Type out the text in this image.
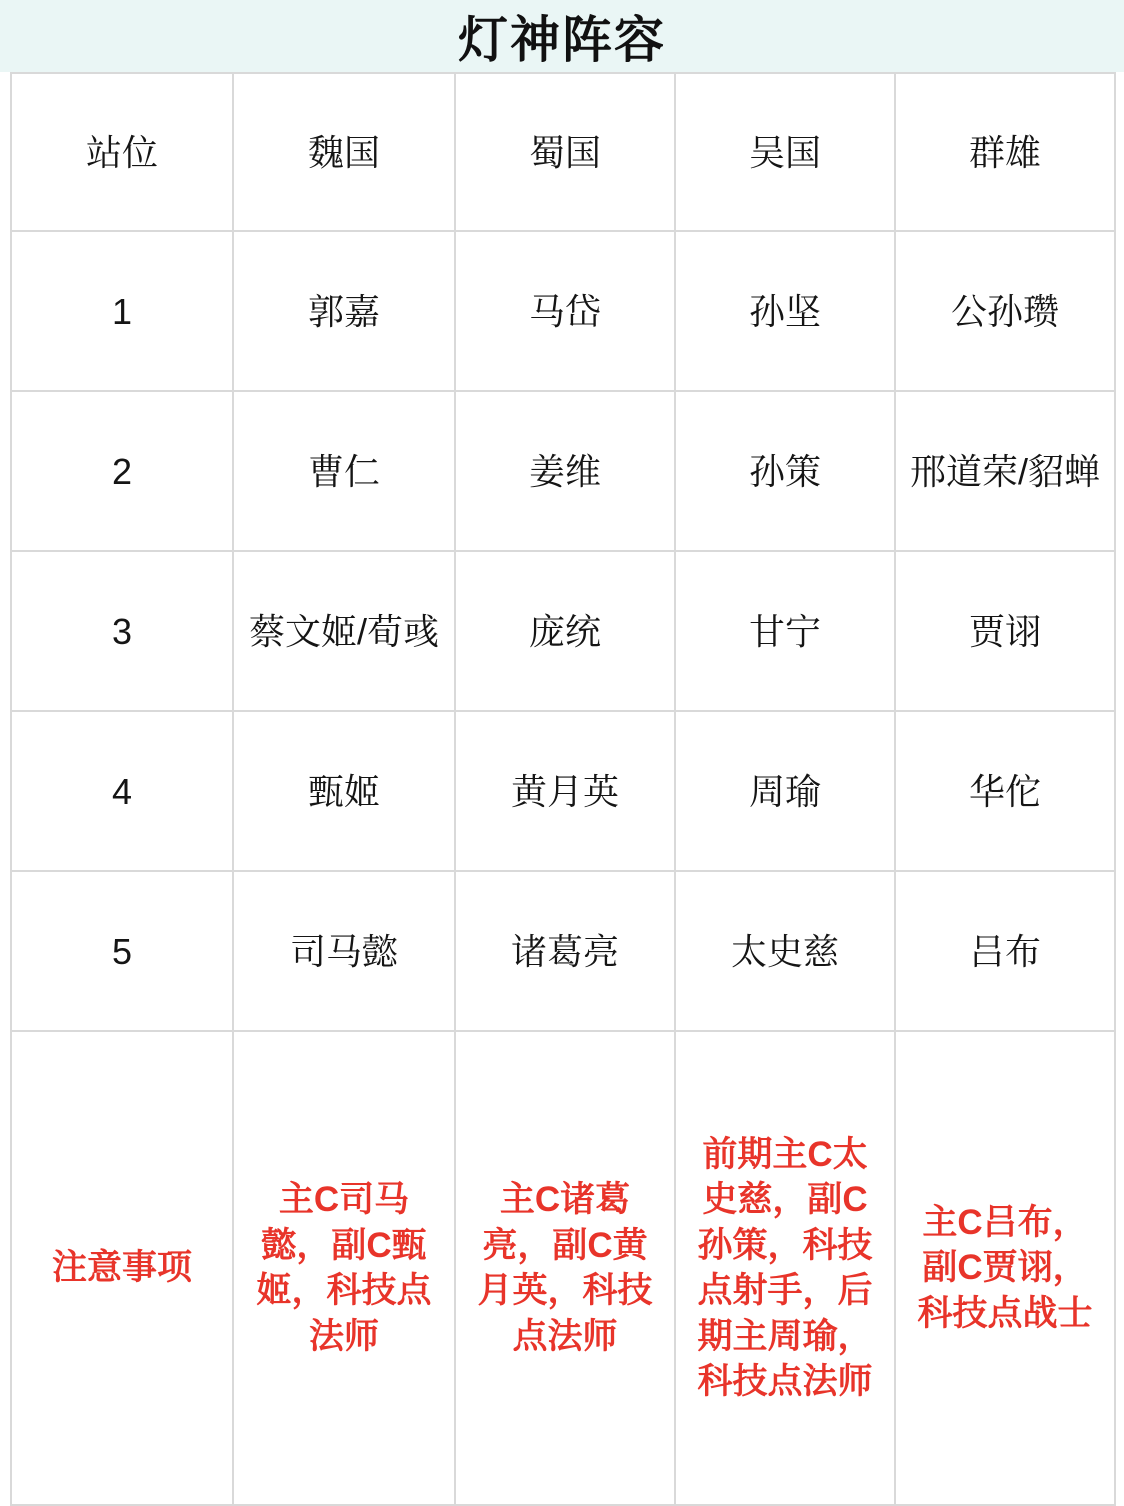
灯神阵容
站位	魏国	蜀国	吴国	群雄
1	郭嘉	马岱	孙坚	公孙瓒
2	曹仁	姜维	孙策	邢道荣/貂蝉
3	蔡文姬/荀彧	庞统	甘宁	贾诩
4	甄姬	黄月英	周瑜	华佗
5	司马懿	诸葛亮	太史慈	吕布
注意事项	主C司马懿，副C甄姬，科技点法师	主C诸葛亮，副C黄月英，科技点法师	前期主C太史慈，副C孙策，科技点射手，后期主周瑜，科技点法师	主C吕布，副C贾诩，科技点战士
